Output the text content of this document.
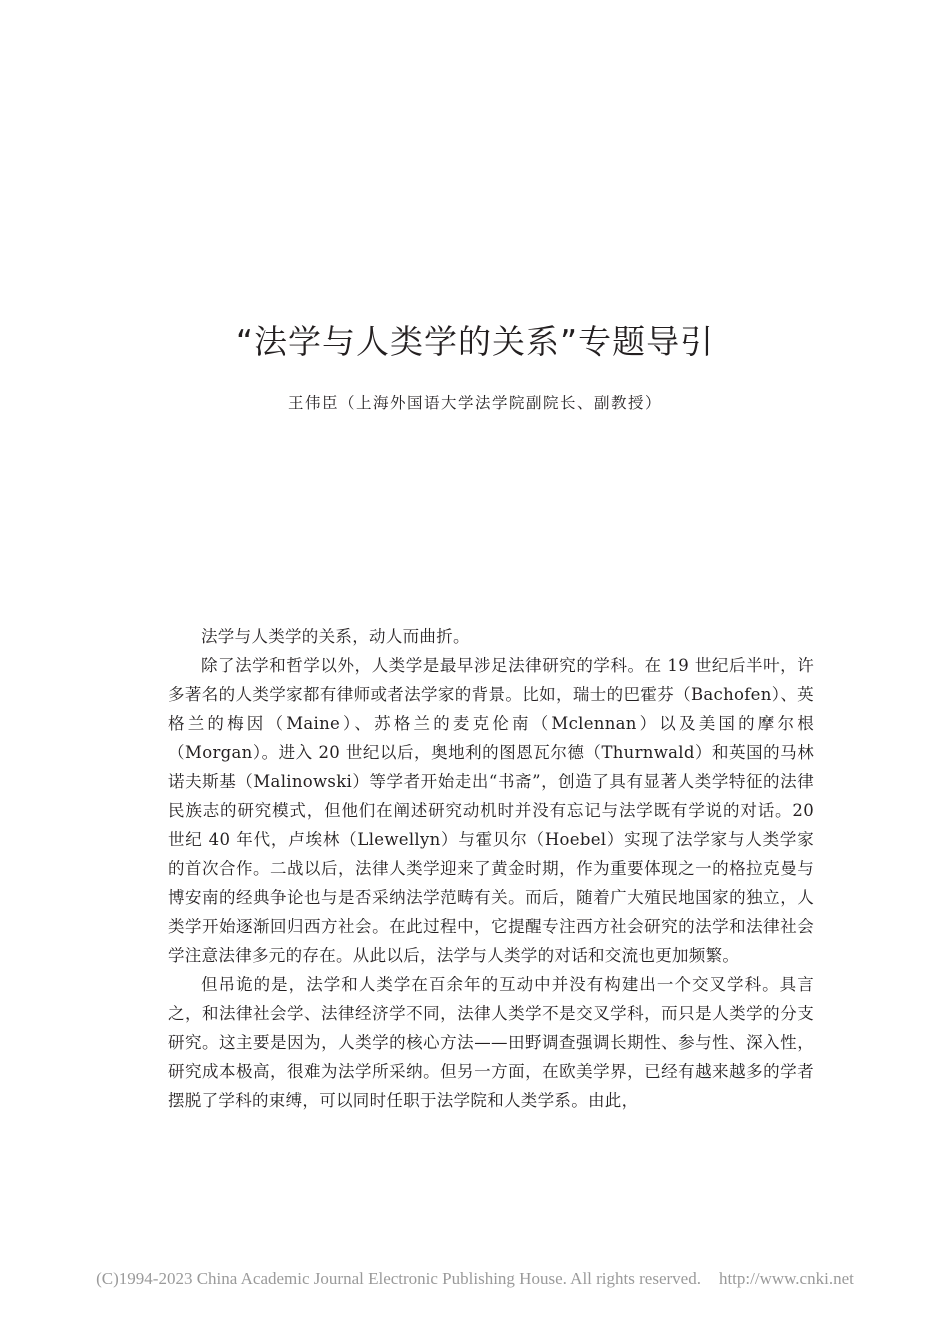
“法学与人类学的关系”专题导引
王伟臣（上海外国语大学法学院副院长、副教授）

法学与人类学的关系，动人而曲折。

除了法学和哲学以外，人类学是最早涉足法律研究的学科。在 19 世纪后半叶，许多著名的人类学家都有律师或者法学家的背景。比如，瑞士的巴霍芬（Bachofen）、英格兰的梅因（Maine）、苏格兰的麦克伦南（Mclennan）以及美国的摩尔根（Morgan）。进入 20 世纪以后，奥地利的图恩瓦尔德（Thurnwald）和英国的马林诺夫斯基（Malinowski）等学者开始走出“书斋”，创造了具有显著人类学特征的法律民族志的研究模式，但他们在阐述研究动机时并没有忘记与法学既有学说的对话。20 世纪 40 年代，卢埃林（Llewellyn）与霍贝尔（Hoebel）实现了法学家与人类学家的首次合作。二战以后，法律人类学迎来了黄金时期，作为重要体现之一的格拉克曼与博安南的经典争论也与是否采纳法学范畴有关。而后，随着广大殖民地国家的独立，人类学开始逐渐回归西方社会。在此过程中，它提醒专注西方社会研究的法学和法律社会学注意法律多元的存在。从此以后，法学与人类学的对话和交流也更加频繁。

但吊诡的是，法学和人类学在百余年的互动中并没有构建出一个交叉学科。具言之，和法律社会学、法律经济学不同，法律人类学不是交叉学科，而只是人类学的分支研究。这主要是因为，人类学的核心方法——田野调查强调长期性、参与性、深入性，研究成本极高，很难为法学所采纳。但另一方面，在欧美学界，已经有越来越多的学者摆脱了学科的束缚，可以同时任职于法学院和人类学系。由此，

(C)1994-2023 China Academic Journal Electronic Publishing House. All rights reserved. http://www.cnki.net
